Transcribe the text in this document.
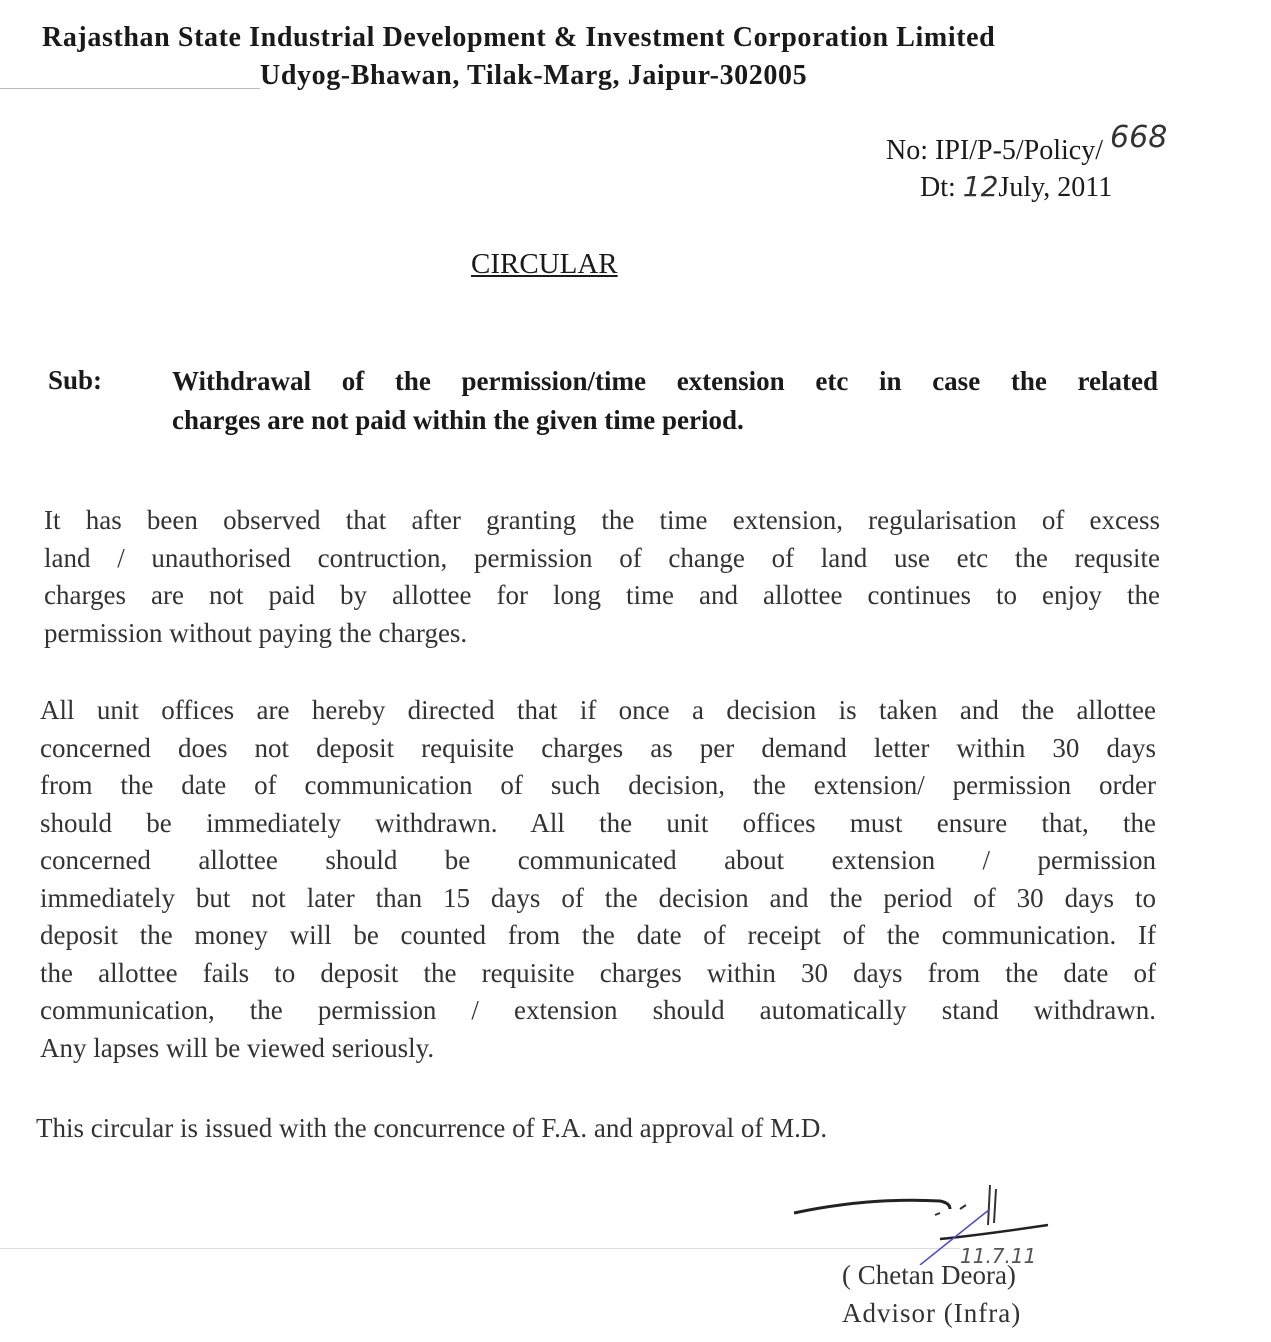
Rajasthan State Industrial Development & Investment Corporation Limited
Udyog-Bhawan, Tilak-Marg, Jaipur-302005
No: IPI/P-5/Policy/ 668
Dt: 12July, 2011
CIRCULAR
Sub:	Withdrawal of the permission/time extension etc in case the related
charges are not paid within the given time period.
It has been observed that after granting the time extension, regularisation of excess
land / unauthorised contruction, permission of change of land use etc the requsite
charges are not paid by allottee for long time and allottee continues to enjoy the
permission without paying the charges.
All unit offices are hereby directed that if once a decision is taken and the allottee
concerned does not deposit requisite charges as per demand letter within 30 days
from the date of communication of such decision, the extension/ permission order
should be immediately withdrawn. All the unit offices must ensure that, the
concerned allottee should be communicated about extension / permission
immediately but not later than 15 days of the decision and the period of 30 days to
deposit the money will be counted from the date of receipt of the communication. If
the allottee fails to deposit the requisite charges within 30 days from the date of
communication, the permission / extension should automatically stand withdrawn.
Any lapses will be viewed seriously.
This circular is issued with the concurrence of F.A. and approval of M.D.
11.7.11
( Chetan Deora)
Advisor (Infra)
